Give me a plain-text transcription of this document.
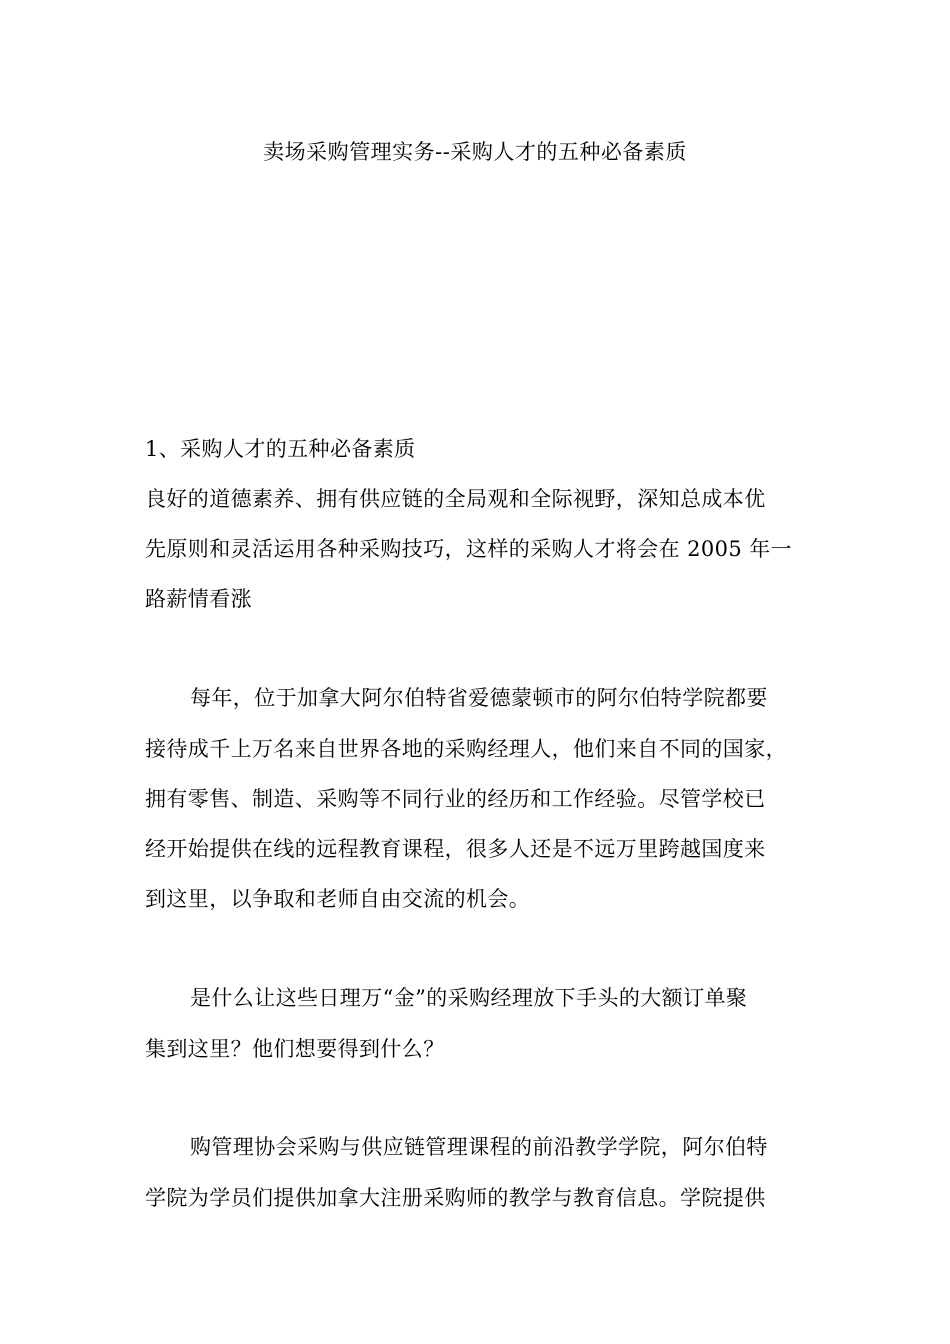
卖场采购管理实务--采购人才的五种必备素质
1、采购人才的五种必备素质
良好的道德素养、拥有供应链的全局观和全际视野，深知总成本优
先原则和灵活运用各种采购技巧，这样的采购人才将会在 2005 年一
路薪情看涨
每年，位于加拿大阿尔伯特省爱德蒙顿市的阿尔伯特学院都要
接待成千上万名来自世界各地的采购经理人，他们来自不同的国家，
拥有零售、制造、采购等不同行业的经历和工作经验。尽管学校已
经开始提供在线的远程教育课程，很多人还是不远万里跨越国度来
到这里，以争取和老师自由交流的机会。
是什么让这些日理万“金”的采购经理放下手头的大额订单聚
集到这里？他们想要得到什么？
购管理协会采购与供应链管理课程的前沿教学学院，阿尔伯特
学院为学员们提供加拿大注册采购师的教学与教育信息。学院提供
